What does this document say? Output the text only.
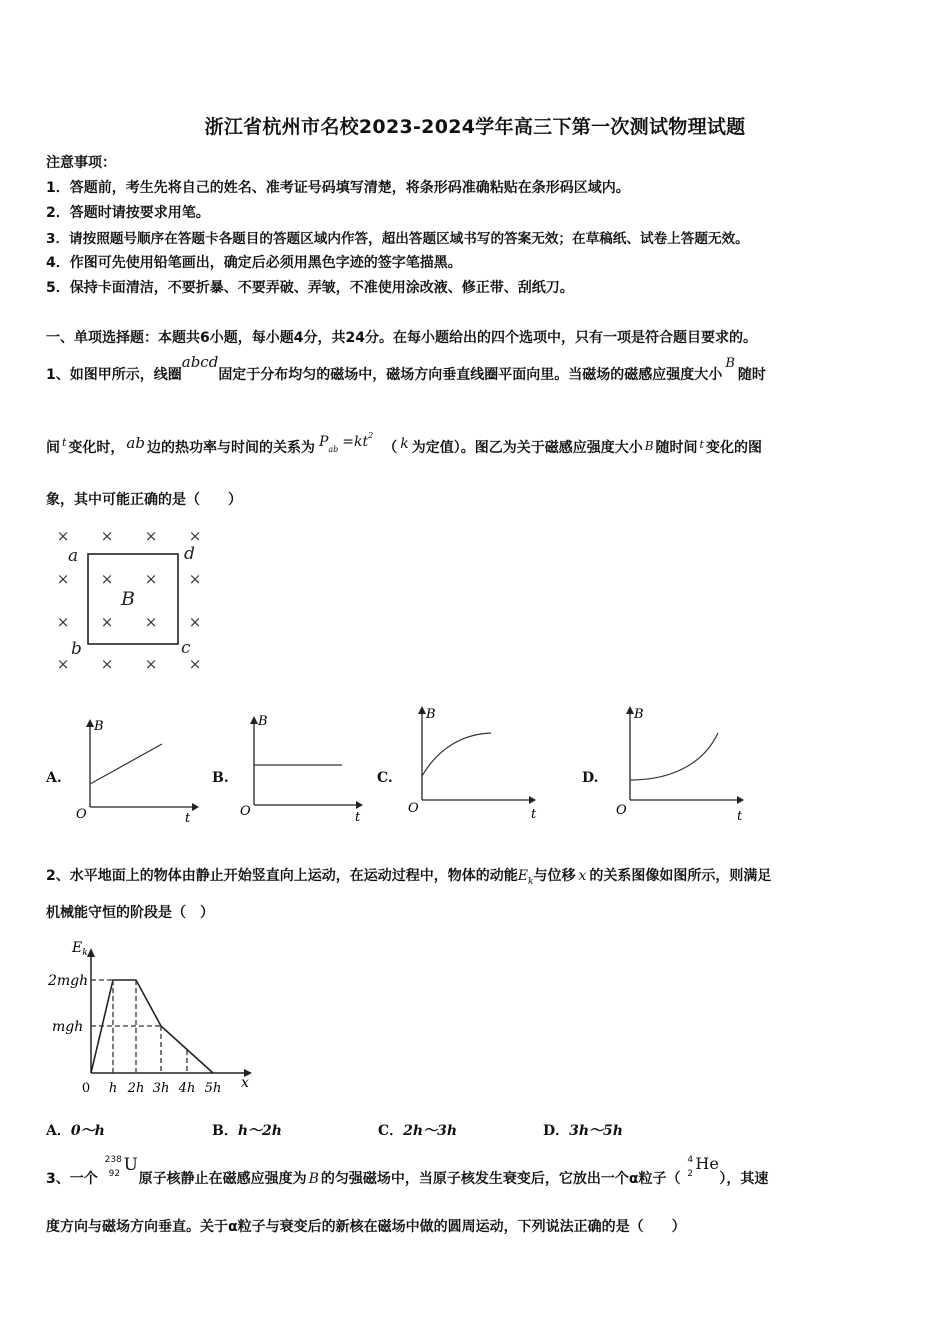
浙江省杭州市名校2023-2024学年高三下第一次测试物理试题
注意事项：
1．答题前，考生先将自己的姓名、准考证号码填写清楚，将条形码准确粘贴在条形码区域内。
2．答题时请按要求用笔。
3．请按照题号顺序在答题卡各题目的答题区域内作答，超出答题区域书写的答案无效；在草稿纸、试卷上答题无效。
4．作图可先使用铅笔画出，确定后必须用黑色字迹的签字笔描黑。
5．保持卡面清洁，不要折暴、不要弄破、弄皱，不准使用涂改液、修正带、刮纸刀。
一、单项选择题：本题共6小题，每小题4分，共24分。在每小题给出的四个选项中，只有一项是符合题目要求的。
1、如图甲所示，线圈abcd固定于分布均匀的磁场中，磁场方向垂直线圈平面向里。当磁场的磁感应强度大小B随时
间 $^t$ 变化时， ab 边的热功率与时间的关系为 Pab $=kt^2$（ k 为定值）。图乙为关于磁感应强度大小 B 随时间 $^t$ 变化的图
象，其中可能正确的是（　　）
× × × ×
× × × ×
× × × ×
× × × ×
a	d
b	c
B
A.
B
t
O
B.
B
t
O
C.
B
t
O
D.
B
t
O
2、水平地面上的物体由静止开始竖直向上运动，在运动过程中，物体的动能$E_k$与位移 x 的关系图像如图所示，则满足
机械能守恒的阶段是（　）
$E_k$
x
2mgh
mgh
0 h 2h 3h 4h 5h
A．0～h	B．h～2h	C．2h～3h	D．3h～5h
3、一个
238
92 U
原子核静止在磁感应强度为 B 的匀强磁场中，当原子核发生衰变后，它放出一个α粒子（
4
2
He
），其速
度方向与磁场方向垂直。关于α粒子与衰变后的新核在磁场中做的圆周运动，下列说法正确的是（　　）
